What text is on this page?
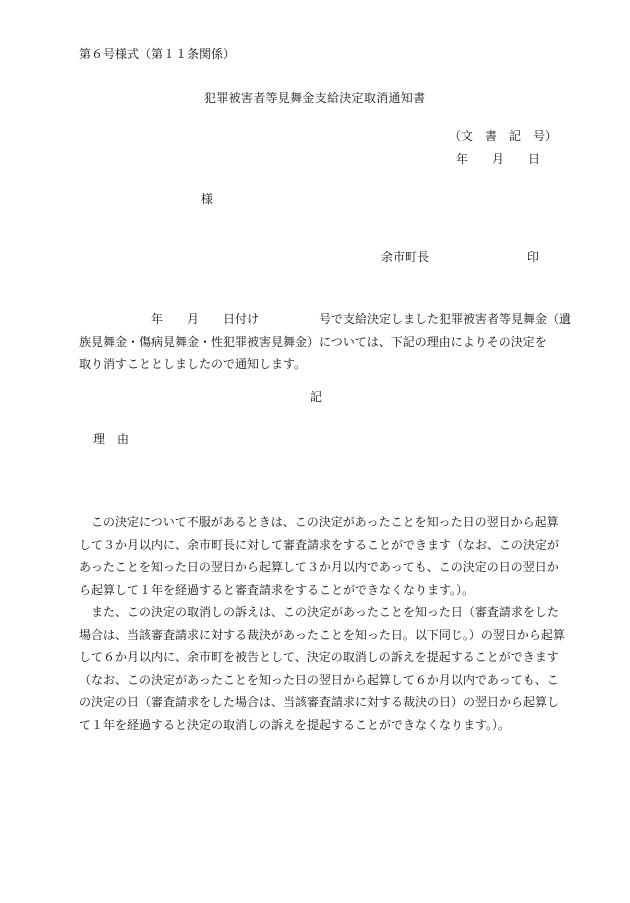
第６号様式（第１１条関係）
犯罪被害者等見舞金支給決定取消通知書
（文　書　記　号）
年　　月　　日
様
余市町長	印
　　　　　　年　　月　　日付け　　　　　号で支給決定しました犯罪被害者等見舞金（遺
族見舞金・傷病見舞金・性犯罪被害見舞金）については、下記の理由によりその決定を
取り消すこととしましたので通知します。
記
理　由
　この決定について不服があるときは、この決定があったことを知った日の翌日から起算
して３か月以内に、余市町長に対して審査請求をすることができます（なお、この決定が
あったことを知った日の翌日から起算して３か月以内であっても、この決定の日の翌日か
ら起算して１年を経過すると審査請求をすることができなくなります。）。
　また、この決定の取消しの訴えは、この決定があったことを知った日（審査請求をした
場合は、当該審査請求に対する裁決があったことを知った日。以下同じ。）の翌日から起算
して６か月以内に、余市町を被告として、決定の取消しの訴えを提起することができます
（なお、この決定があったことを知った日の翌日から起算して６か月以内であっても、こ
の決定の日（審査請求をした場合は、当該審査請求に対する裁決の日）の翌日から起算し
て１年を経過すると決定の取消しの訴えを提起することができなくなります。）。
